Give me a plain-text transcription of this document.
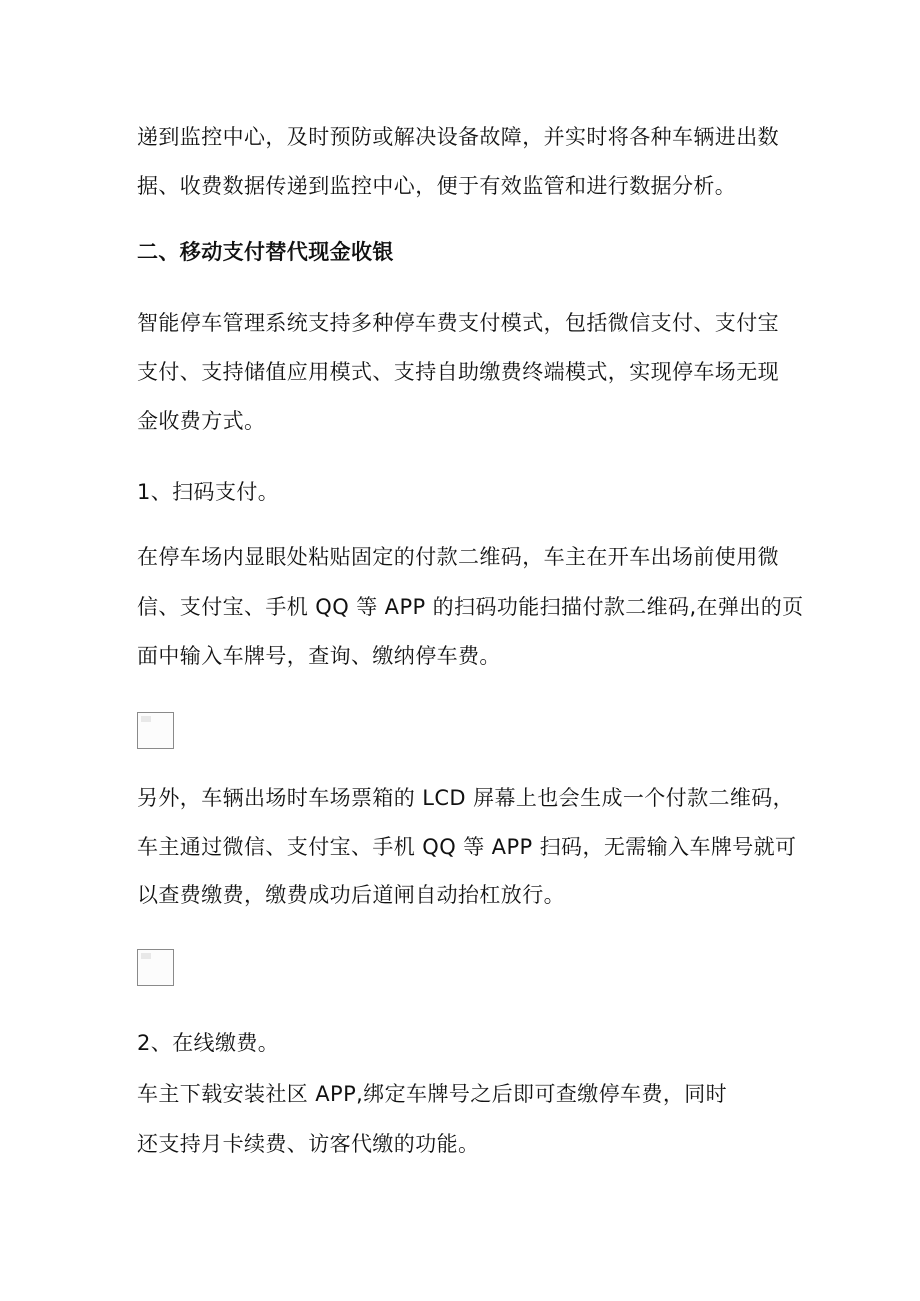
递到监控中心，及时预防或解决设备故障，并实时将各种车辆进出数

据、收费数据传递到监控中心，便于有效监管和进行数据分析。

二、移动支付替代现金收银

智能停车管理系统支持多种停车费支付模式，包括微信支付、支付宝

支付、支持储值应用模式、支持自助缴费终端模式，实现停车场无现

金收费方式。

1、扫码支付。

在停车场内显眼处粘贴固定的付款二维码，车主在开车出场前使用微

信、支付宝、手机 QQ 等 APP 的扫码功能扫描付款二维码,在弹出的页

面中输入车牌号，查询、缴纳停车费。

另外，车辆出场时车场票箱的 LCD 屏幕上也会生成一个付款二维码，

车主通过微信、支付宝、手机 QQ 等 APP 扫码，无需输入车牌号就可

以查费缴费，缴费成功后道闸自动抬杠放行。

2、在线缴费。

车主下载安装社区 APP,绑定车牌号之后即可查缴停车费，同时

还支持月卡续费、访客代缴的功能。
